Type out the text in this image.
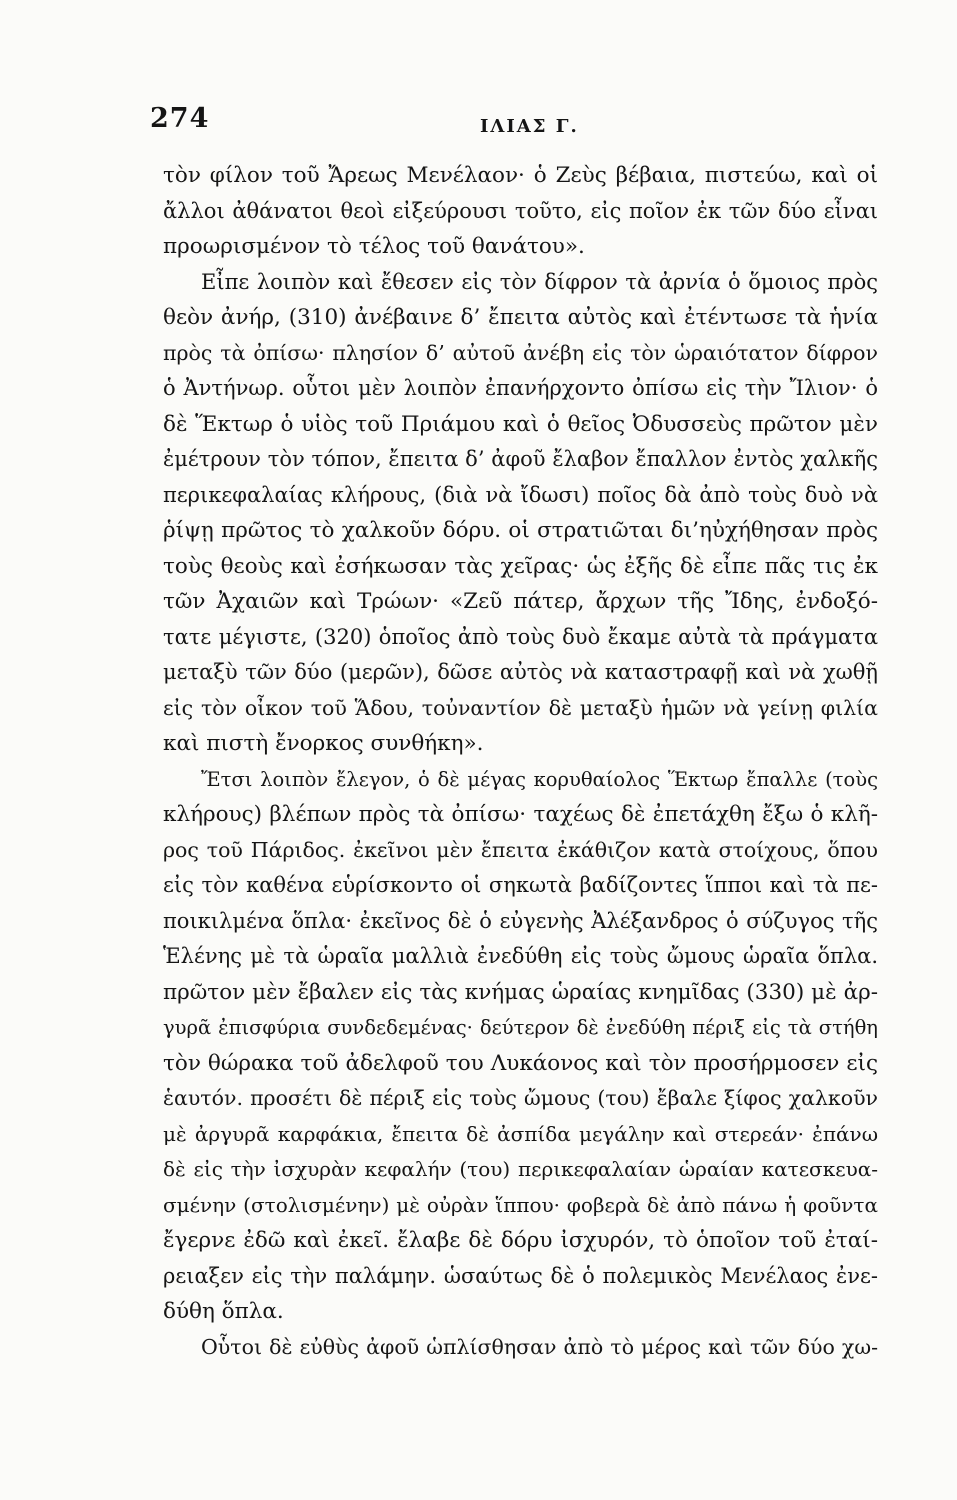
274	ΙΛΙΑΣ Γ.
τὸν φίλον τοῦ Ἄρεως Μενέλαον· ὁ Ζεὺς βέβαια, πιστεύω, καὶ οἱ
ἄλλοι ἀθάνατοι θεοὶ εἰξεύρουσι τοῦτο, εἰς ποῖον ἐκ τῶν δύο εἶναι
προωρισμένον τὸ τέλος τοῦ θανάτου».
Εἶπε λοιπὸν καὶ ἔθεσεν εἰς τὸν δίφρον τὰ ἀρνία ὁ ὅμοιος πρὸς
θεὸν ἀνήρ, (310) ἀνέβαινε δ’ ἔπειτα αὐτὸς καὶ ἐτέντωσε τὰ ἡνία
πρὸς τὰ ὀπίσω· πλησίον δ’ αὐτοῦ ἀνέβη εἰς τὸν ὡραιότατον δίφρον
ὁ Ἀντήνωρ. οὗτοι μὲν λοιπὸν ἐπανήρχοντο ὀπίσω εἰς τὴν Ἴλιον· ὁ
δὲ Ἕκτωρ ὁ υἱὸς τοῦ Πριάμου καὶ ὁ θεῖος Ὀδυσσεὺς πρῶτον μὲν
ἐμέτρουν τὸν τόπον, ἔπειτα δ’ ἀφοῦ ἔλαβον ἔπαλλον ἐντὸς χαλκῆς
περικεφαλαίας κλήρους, (διὰ νὰ ἴδωσι) ποῖος δὰ ἀπὸ τοὺς δυὸ νὰ
ῥίψῃ πρῶτος τὸ χαλκοῦν δόρυ. οἱ στρατιῶται δι’ηὐχήθησαν πρὸς
τοὺς θεοὺς καὶ ἐσήκωσαν τὰς χεῖρας· ὡς ἐξῆς δὲ εἶπε πᾶς τις ἐκ
τῶν Ἀχαιῶν καὶ Τρώων· «Ζεῦ πάτερ, ἄρχων τῆς Ἴδης, ἐνδοξό-
τατε μέγιστε, (320) ὁποῖος ἀπὸ τοὺς δυὸ ἔκαμε αὐτὰ τὰ πράγματα
μεταξὺ τῶν δύο (μερῶν), δῶσε αὐτὸς νὰ καταστραφῇ καὶ νὰ χωθῇ
εἰς τὸν οἶκον τοῦ Ἅδου, τοὐναντίον δὲ μεταξὺ ἡμῶν νὰ γείνῃ φιλία
καὶ πιστὴ ἔνορκος συνθήκη».
Ἔτσι λοιπὸν ἔλεγον, ὁ δὲ μέγας κορυθαίολος Ἕκτωρ ἔπαλλε (τοὺς
κλήρους) βλέπων πρὸς τὰ ὀπίσω· ταχέως δὲ ἐπετάχθη ἔξω ὁ κλῆ-
ρος τοῦ Πάριδος. ἐκεῖνοι μὲν ἔπειτα ἐκάθιζον κατὰ στοίχους, ὅπου
εἰς τὸν καθένα εὑρίσκοντο οἱ σηκωτὰ βαδίζοντες ἵπποι καὶ τὰ πε-
ποικιλμένα ὅπλα· ἐκεῖνος δὲ ὁ εὐγενὴς Ἀλέξανδρος ὁ σύζυγος τῆς
Ἑλένης μὲ τὰ ὡραῖα μαλλιὰ ἐνεδύθη εἰς τοὺς ὤμους ὡραῖα ὅπλα.
πρῶτον μὲν ἔβαλεν εἰς τὰς κνήμας ὡραίας κνημῖδας (330) μὲ ἀρ-
γυρᾶ ἐπισφύρια συνδεδεμένας· δεύτερον δὲ ἐνεδύθη πέριξ εἰς τὰ στήθη
τὸν θώρακα τοῦ ἀδελφοῦ του Λυκάονος καὶ τὸν προσήρμοσεν εἰς
ἑαυτόν. προσέτι δὲ πέριξ εἰς τοὺς ὤμους (του) ἔβαλε ξίφος χαλκοῦν
μὲ ἀργυρᾶ καρφάκια, ἔπειτα δὲ ἀσπίδα μεγάλην καὶ στερεάν· ἐπάνω
δὲ εἰς τὴν ἰσχυρὰν κεφαλήν (του) περικεφαλαίαν ὡραίαν κατεσκευα-
σμένην (στολισμένην) μὲ οὐρὰν ἵππου· φοβερὰ δὲ ἀπὸ πάνω ἡ φοῦντα
ἔγερνε ἐδῶ καὶ ἐκεῖ. ἔλαβε δὲ δόρυ ἰσχυρόν, τὸ ὁποῖον τοῦ ἐταί-
ρειαξεν εἰς τὴν παλάμην. ὡσαύτως δὲ ὁ πολεμικὸς Μενέλαος ἐνε-
δύθη ὅπλα.
Οὗτοι δὲ εὐθὺς ἀφοῦ ὡπλίσθησαν ἀπὸ τὸ μέρος καὶ τῶν δύο χω-
